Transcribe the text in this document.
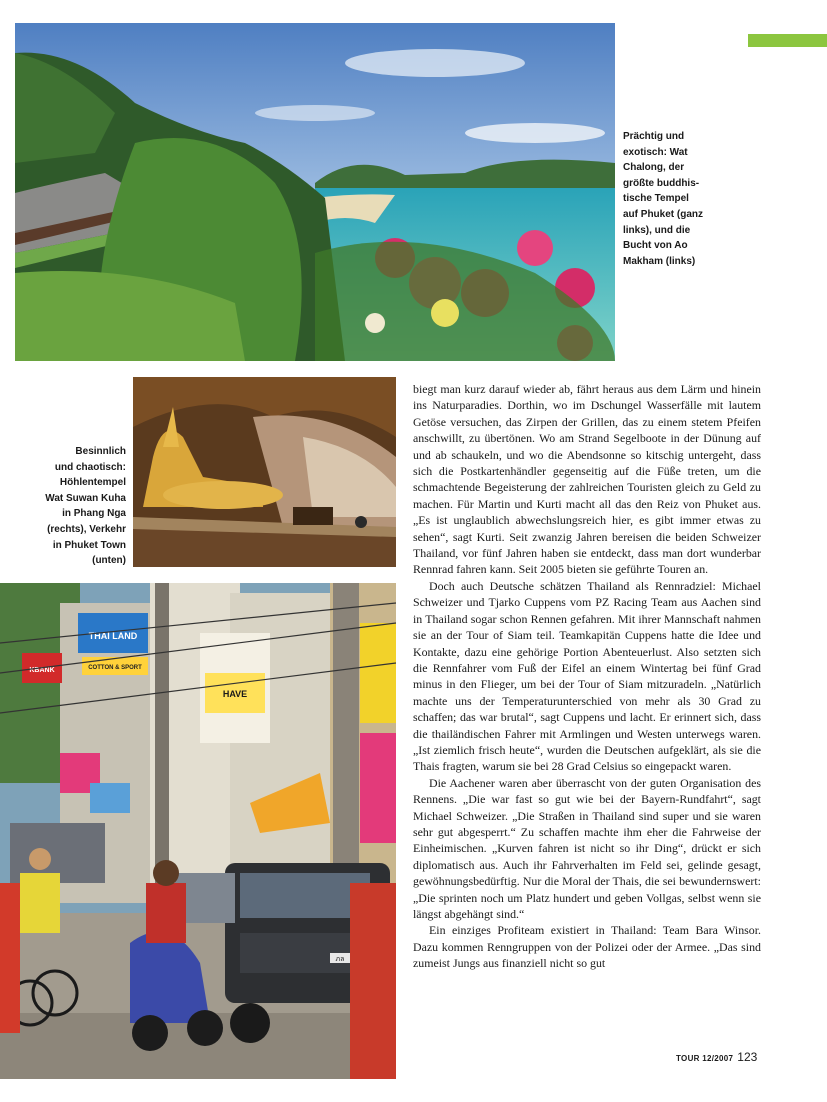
Prächtig und
exotisch: Wat
Chalong, der
größte buddhis-
tische Tempel
auf Phuket (ganz
links), und die
Bucht von Ao
Makham (links)
Besinnlich
und chaotisch:
Höhlentempel
Wat Suwan Kuha
in Phang Nga
(rechts), Verkehr
in Phuket Town
(unten)
THAI LAND
COTTON & SPORT
KBANK
HAVE
ภล

biegt man kurz darauf wieder ab, fährt heraus aus dem Lärm und hinein ins Naturparadies. Dorthin, wo im Dschungel Wasserfälle mit lautem Getöse versuchen, das Zirpen der Grillen, das zu einem stetem Pfeifen anschwillt, zu übertönen. Wo am Strand Segelboote in der Dünung auf und ab schaukeln, und wo die Abendsonne so kitschig untergeht, dass sich die Postkartenhändler gegenseitig auf die Füße treten, um die schmachtende Begeisterung der zahlreichen Touristen gleich zu Geld zu machen. Für Martin und Kurti macht all das den Reiz von Phuket aus. „Es ist unglaublich abwechslungsreich hier, es gibt immer etwas zu sehen“, sagt Kurti. Seit zwanzig Jahren bereisen die beiden Schweizer Thailand, vor fünf Jahren haben sie entdeckt, dass man dort wunderbar Rennrad fahren kann. Seit 2005 bieten sie geführte Touren an.

Doch auch Deutsche schätzen Thailand als Rennradziel: Michael Schweizer und Tjarko Cuppens vom PZ Racing Team aus Aachen sind in Thailand sogar schon Rennen gefahren. Mit ihrer Mannschaft nahmen sie an der Tour of Siam teil. Teamkapitän Cuppens hatte die Idee und Kontakte, dazu eine gehörige Portion Abenteuerlust. Also setzten sich die Rennfahrer vom Fuß der Eifel an einem Wintertag bei fünf Grad minus in den Flieger, um bei der Tour of Siam mitzuradeln. „Natürlich machte uns der Temperaturunterschied von mehr als 30 Grad zu schaffen; das war brutal“, sagt Cuppens und lacht. Er erinnert sich, dass die thailändischen Fahrer mit Armlingen und Westen unterwegs waren. „Ist ziemlich frisch heute“, wurden die Deutschen aufgeklärt, als sie die Thais fragten, warum sie bei 28 Grad Celsius so eingepackt waren.

Die Aachener waren aber überrascht von der guten Organisation des Rennens. „Die war fast so gut wie bei der Bayern-Rundfahrt“, sagt Michael Schweizer. „Die Straßen in Thailand sind super und sie waren sehr gut abgesperrt.“ Zu schaffen machte ihm eher die Fahrweise der Einheimischen. „Kurven fahren ist nicht so ihr Ding“, drückt er sich diplomatisch aus. Auch ihr Fahrverhalten im Feld sei, gelinde gesagt, gewöhnungsbedürftig. Nur die Moral der Thais, die sei bewundernswert: „Die sprinten noch um Platz hundert und geben Vollgas, selbst wenn sie längst abgehängt sind.“

Ein einziges Profiteam existiert in Thailand: Team Bara Winsor. Dazu kommen Renngruppen von der Polizei oder der Armee. „Das sind zumeist Jungs aus finanziell nicht so gut

TOUR 12/2007 123
